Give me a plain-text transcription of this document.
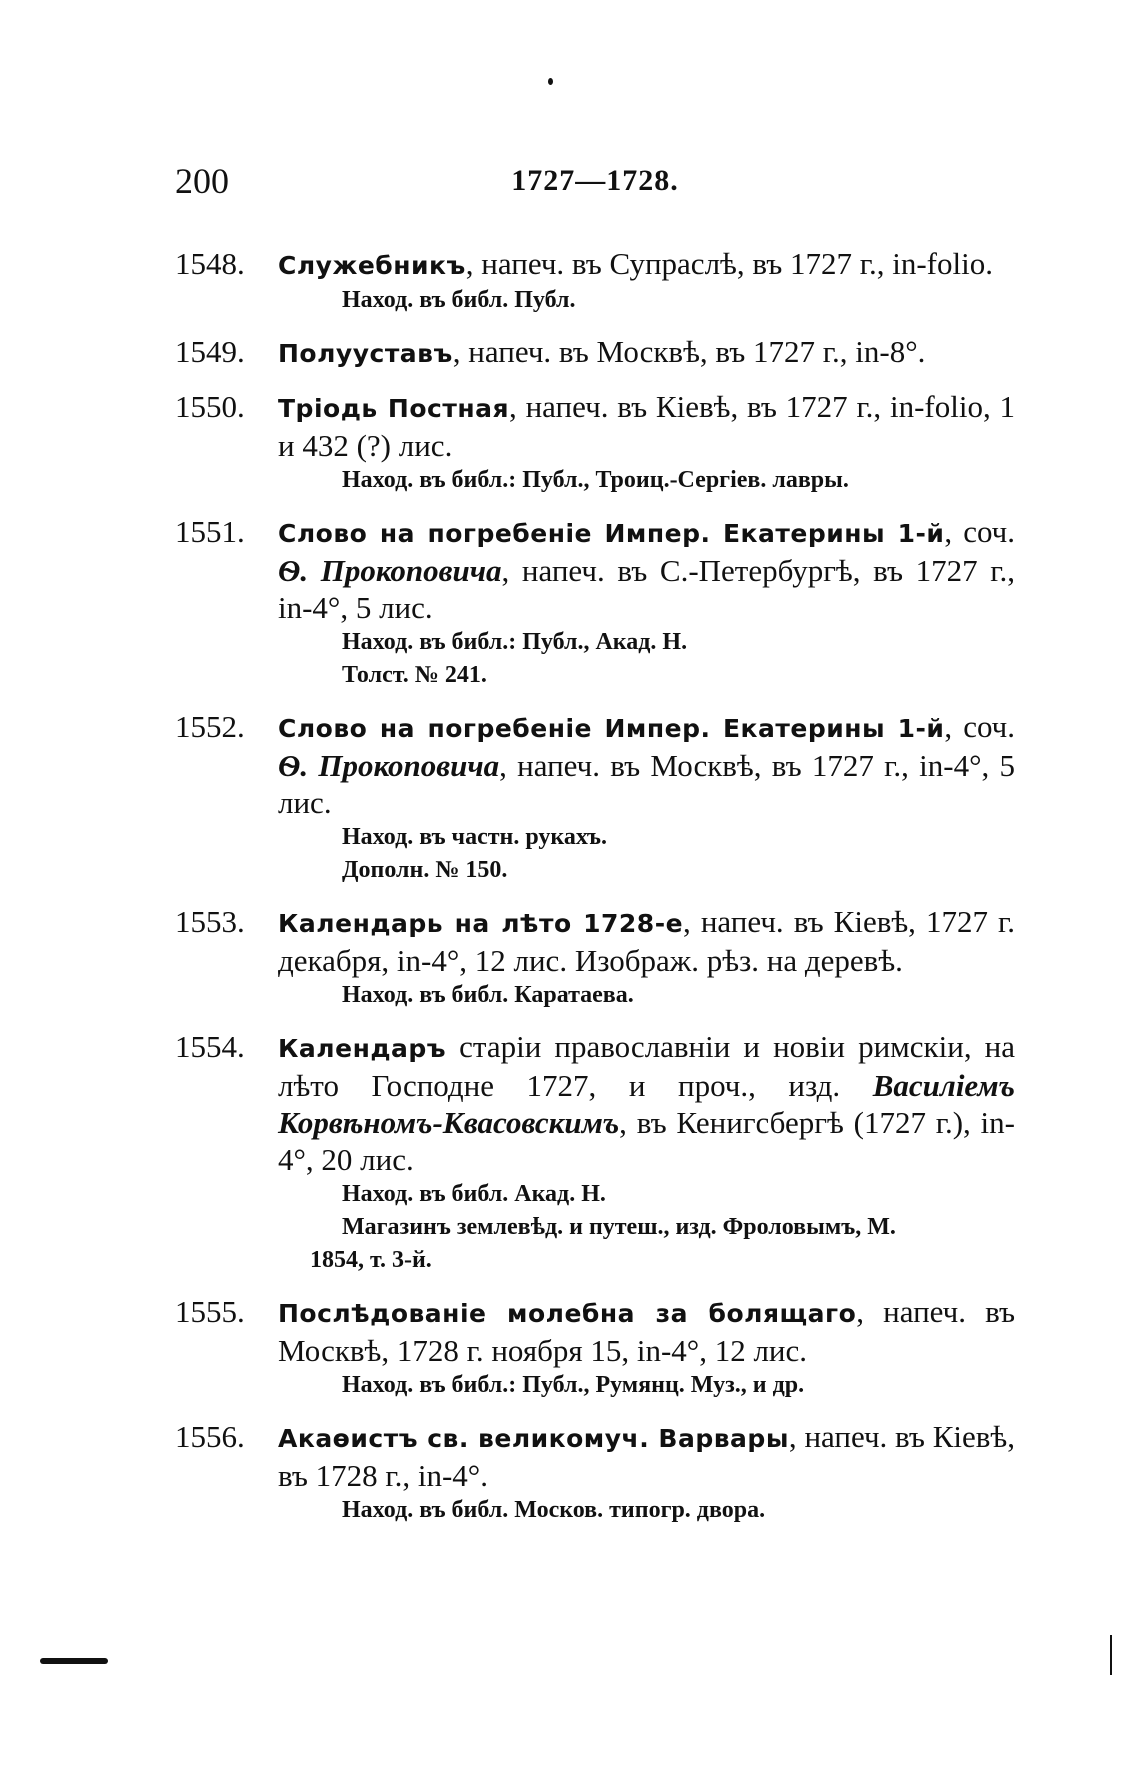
200	1727—1728.
1548. Служебникъ, напеч. въ Супраслѣ, въ 1727 г., in-folio.
Наход. въ библ. Публ.
1549. Полууставъ, напеч. въ Москвѣ, въ 1727 г., in-8°.
1550. Тріодь Постная, напеч. въ Кіевѣ, въ 1727 г., in-folio, 1 и 432 (?) лис.
Наход. въ библ.: Публ., Троиц.-Сергіев. лавры.
1551. Слово на погребеніе Импер. Екатерины 1-й, соч. Ѳ. Прокоповича, напеч. въ С.-Петербургѣ, въ 1727 г., in-4°, 5 лис.
Наход. въ библ.: Публ., Акад. Н.
Толст. № 241.
1552. Слово на погребеніе Импер. Екатерины 1-й, соч. Ѳ. Прокоповича, напеч. въ Москвѣ, въ 1727 г., in-4°, 5 лис.
Наход. въ частн. рукахъ.
Дополн. № 150.
1553. Календарь на лѣто 1728-е, напеч. въ Кіевѣ, 1727 г. декабря, in-4°, 12 лис. Изображ. рѣз. на деревѣ.
Наход. въ библ. Каратаева.
1554. Календаръ старіи православніи и новіи римскіи, на лѣто Господне 1727, и проч., изд. Василіемъ Корвѣномъ-Квасовскимъ, въ Кенигсбергѣ (1727 г.), in-4°, 20 лис.
Наход. въ библ. Акад. Н.
Магазинъ землевѣд. и путеш., изд. Фроловымъ, М.
1854, т. 3-й.
1555. Послѣдованіе молебна за болящаго, напеч. въ Москвѣ, 1728 г. ноября 15, in-4°, 12 лис.
Наход. въ библ.: Публ., Румянц. Муз., и др.
1556. Акаѳистъ св. великомуч. Варвары, напеч. въ Кіевѣ, въ 1728 г., in-4°.
Наход. въ библ. Москов. типогр. двора.
